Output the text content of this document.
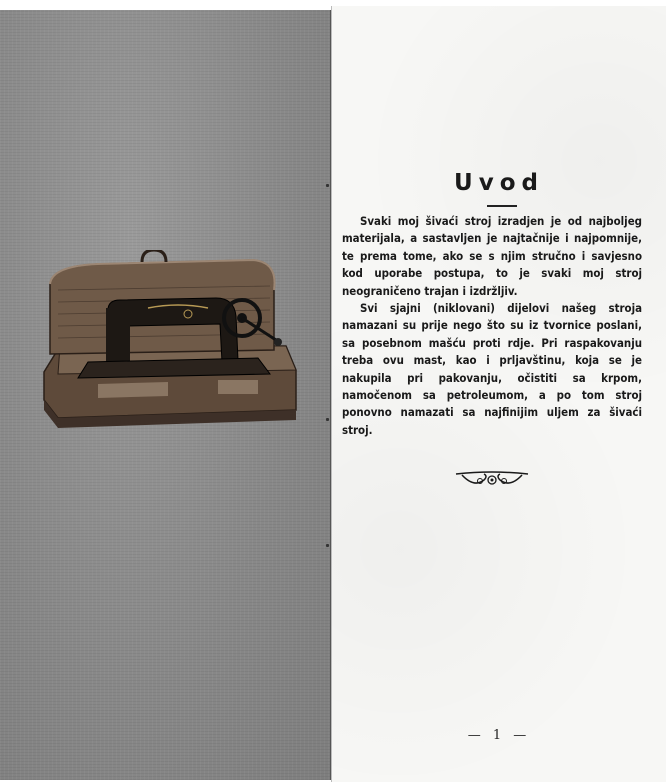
Uvod

Svaki moj šivaći stroj izradjen je od najboljeg materijala, a sastavljen je najtačnije i najpomnije, te prema tome, ako se s njim stručno i savjesno kod uporabe postupa, to je svaki moj stroj neograničeno trajan i izdržljiv.

Svi sjajni (niklovani) dijelovi našeg stroja namazani su prije nego što su iz tvornice poslani, sa posebnom mašću proti rdje. Pri raspakovanju treba ovu mast, kao i prljavštinu, koja se je nakupila pri pakovanju, očistiti sa krpom, namočenom sa petroleumom, a po tom stroj ponovno namazati sa najfinijim uljem za šivaći stroj.

— 1 —
